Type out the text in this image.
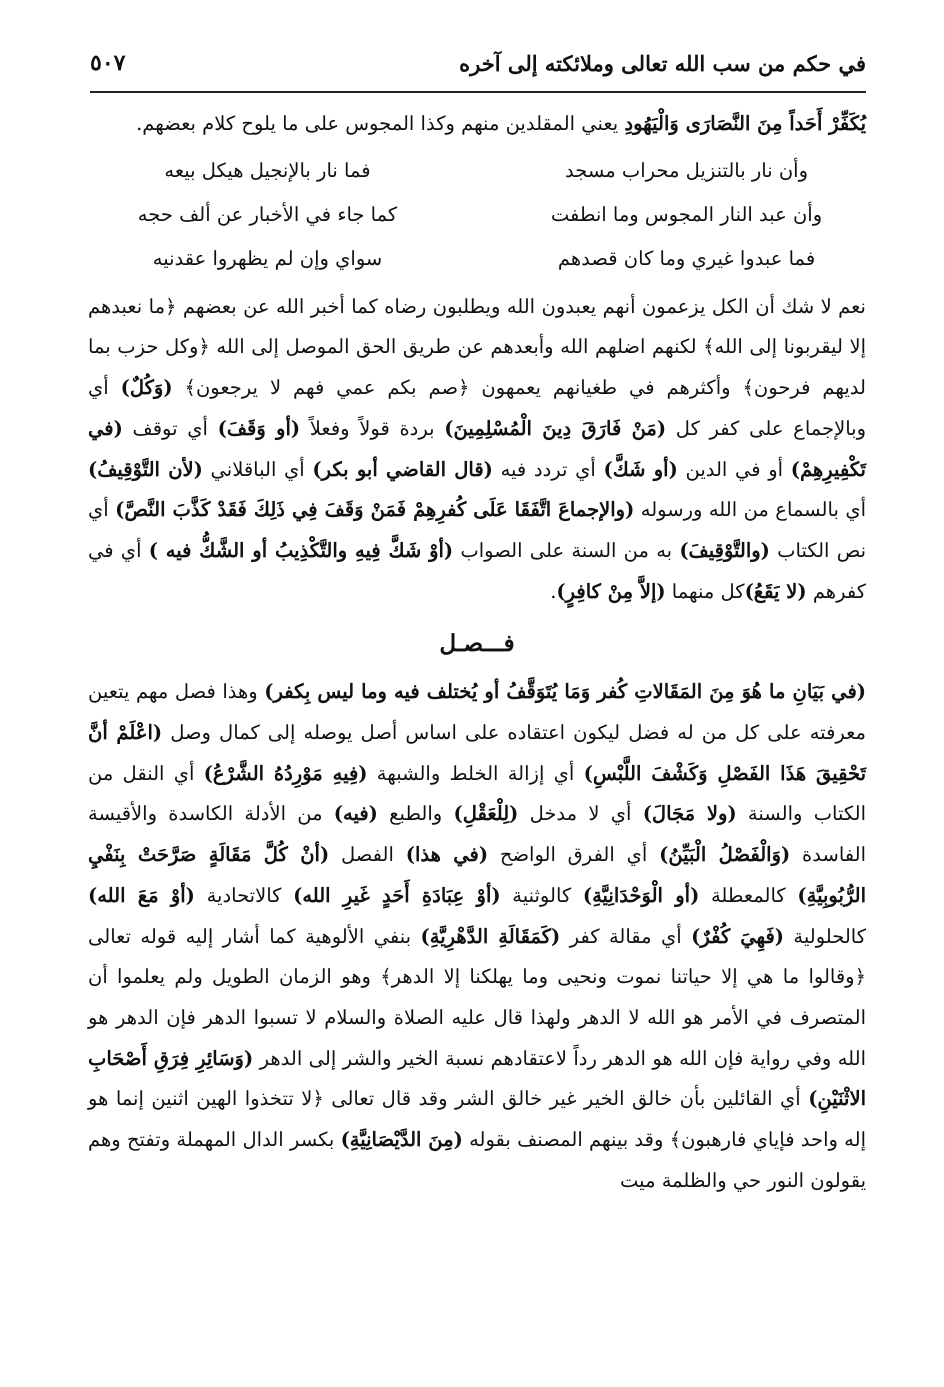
في حكم من سب الله تعالى وملائكته إلى آخره
٥٠٧

يُكَفِّرْ أَحَداً مِنَ النَّصَارَى وَالْيَهُودِ يعني المقلدين منهم وكذا المجوس على ما يلوح كلام بعضهم.

وأن نار بالتنزيل محراب مسجد
فما نار بالإنجيل هيكل بيعه
وأن عبد النار المجوس وما انطفت
كما جاء في الأخبار عن ألف حجه
فما عبدوا غيري وما كان قصدهم
سواي وإن لم يظهروا عقدنيه

نعم لا شك أن الكل يزعمون أنهم يعبدون الله ويطلبون رضاه كما أخبر الله عن بعضهم ﴿ما نعبدهم إلا ليقربونا إلى الله﴾ لكنهم اضلهم الله وأبعدهم عن طريق الحق الموصل إلى الله ﴿وكل حزب بما لديهم فرحون﴾ وأكثرهم في طغيانهم يعمهون ﴿صم بكم عمي فهم لا يرجعون﴾ (وَكُلٌ) أي وبالإجماع على كفر كل (مَنْ فَارَقَ دِينَ الْمُسْلِمِينَ) بردة قولاً وفعلاً (أو وَقَفَ) أي توقف (في تَكْفِيرِهِمْ) أو في الدين (أو شَكَّ) أي تردد فيه (قال القاضي أبو بكر) أي الباقلاني (لأن التَّوْقِيفُ) أي بالسماع من الله ورسوله (والإجماعَ اتَّفَقَا عَلَى كُفرِهِمْ فَمَنْ وَقَفَ فِي ذَلِكَ فَقَدْ كَذَّبَ النَّصَّ) أي نص الكتاب (والتَّوْقِيفَ) به من السنة على الصواب (أوْ شَكَّ فِيهِ والتَّكْذِيبُ أو الشَّكُّ فيه ) أي في كفرهم (لا يَقَعُ)كل منهما (إلاَّ مِنْ كافِرٍ).

فـــصـل

(في بَيَانِ ما هُوَ مِنَ المَقَالاتِ كُفر وَمَا يُتَوَقَّفُ أو يُختلف فيه وما ليس بِكفر) وهذا فصل مهم يتعين معرفته على كل من له فضل ليكون اعتقاده على اساس أصل يوصله إلى كمال وصل (اعْلَمْ أنَّ تَحْقِيقَ هَذَا الفَصْلِ وَكَشْفَ اللَّبْسِ) أي إزالة الخلط والشبهة (فِيهِ مَوْرِدُهُ الشَّرْعُ) أي النقل من الكتاب والسنة (ولا مَجَالَ) أي لا مدخل (لِلْعَقْلِ) والطبع (فيه) من الأدلة الكاسدة والأقيسة الفاسدة (وَالْفَصْلُ الْبَيِّنُ) أي الفرق الواضح (في هذا) الفصل (أنْ كُلَّ مَقَالَةٍ صَرَّحَتْ بِنَفْيِ الرُّبُوبِيَّةِ) كالمعطلة (أو الْوَحْدَانِيَّةِ) كالوثنية (أوْ عِبَادَةِ أَحَدٍ غَيرِ الله) كالاتحادية (أوْ مَعَ الله) كالحلولية (فَهِيَ كُفْرٌ) أي مقالة كفر (كَمَقَالَةِ الدَّهْرِيَّةِ) بنفي الألوهية كما أشار إليه قوله تعالى ﴿وقالوا ما هي إلا حياتنا نموت ونحيى وما يهلكنا إلا الدهر﴾ وهو الزمان الطويل ولم يعلموا أن المتصرف في الأمر هو الله لا الدهر ولهذا قال عليه الصلاة والسلام لا تسبوا الدهر فإن الدهر هو الله وفي رواية فإن الله هو الدهر رداً لاعتقادهم نسبة الخير والشر إلى الدهر (وَسَائِرِ فِرَقِ أَصْحَابِ الاثْنَيْنِ) أي القائلين بأن خالق الخير غير خالق الشر وقد قال تعالى ﴿لا تتخذوا الهين اثنين إنما هو إله واحد فإياي فارهبون﴾ وقد بينهم المصنف بقوله (مِنَ الدَّيْصَانِيَّةِ) بكسر الدال المهملة وتفتح وهم يقولون النور حي والظلمة ميت
